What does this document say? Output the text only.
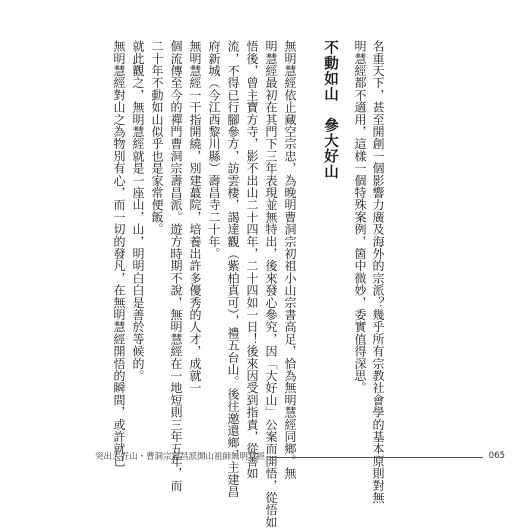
名重天下，甚至開創一個影響力廣及海外的宗派？幾乎所有宗教社會學的基本原則對無
明慧經都不適用，這樣一個特殊案例，箇中微妙，委實值得深思。
不動如山　參大好山
無明慧經依止藏空宗忠，為晚明曹洞宗初祖小山宗書高足，恰為無明慧經同鄉。無
明慧經最初在其門下三年表現並無特出，後來發心參究，因「大好山」公案而開悟，從悟如
悟後，曾主寶方寺，影不出山二十四年，二十四如一日！後來因受到指責，從善如
流，不得已行腳參方，訪雲棲，謁達觀（紫柏真可），禮五台山。後往邀還鄉，主建昌
府新城（今江西黎川縣）壽昌寺二十年。
無明慧經一干指開繞，別建蕞院，培養出許多優秀的人才，成就一
個流傳至今的禪門曹洞宗壽昌派。遊方時期不說，無明慧經在一地短則三年五年，而
二十年不動如山似乎也是家常便飯。
就此觀之，無明慧經就是一座山，山，明明白白是善於等候的。
無明慧經對山之為物別有心，而一切的發凡，在無明慧經開悟的瞬間，或許就已
突出大好山・曹洞宗壽昌派開山祖師無明慧經	065
